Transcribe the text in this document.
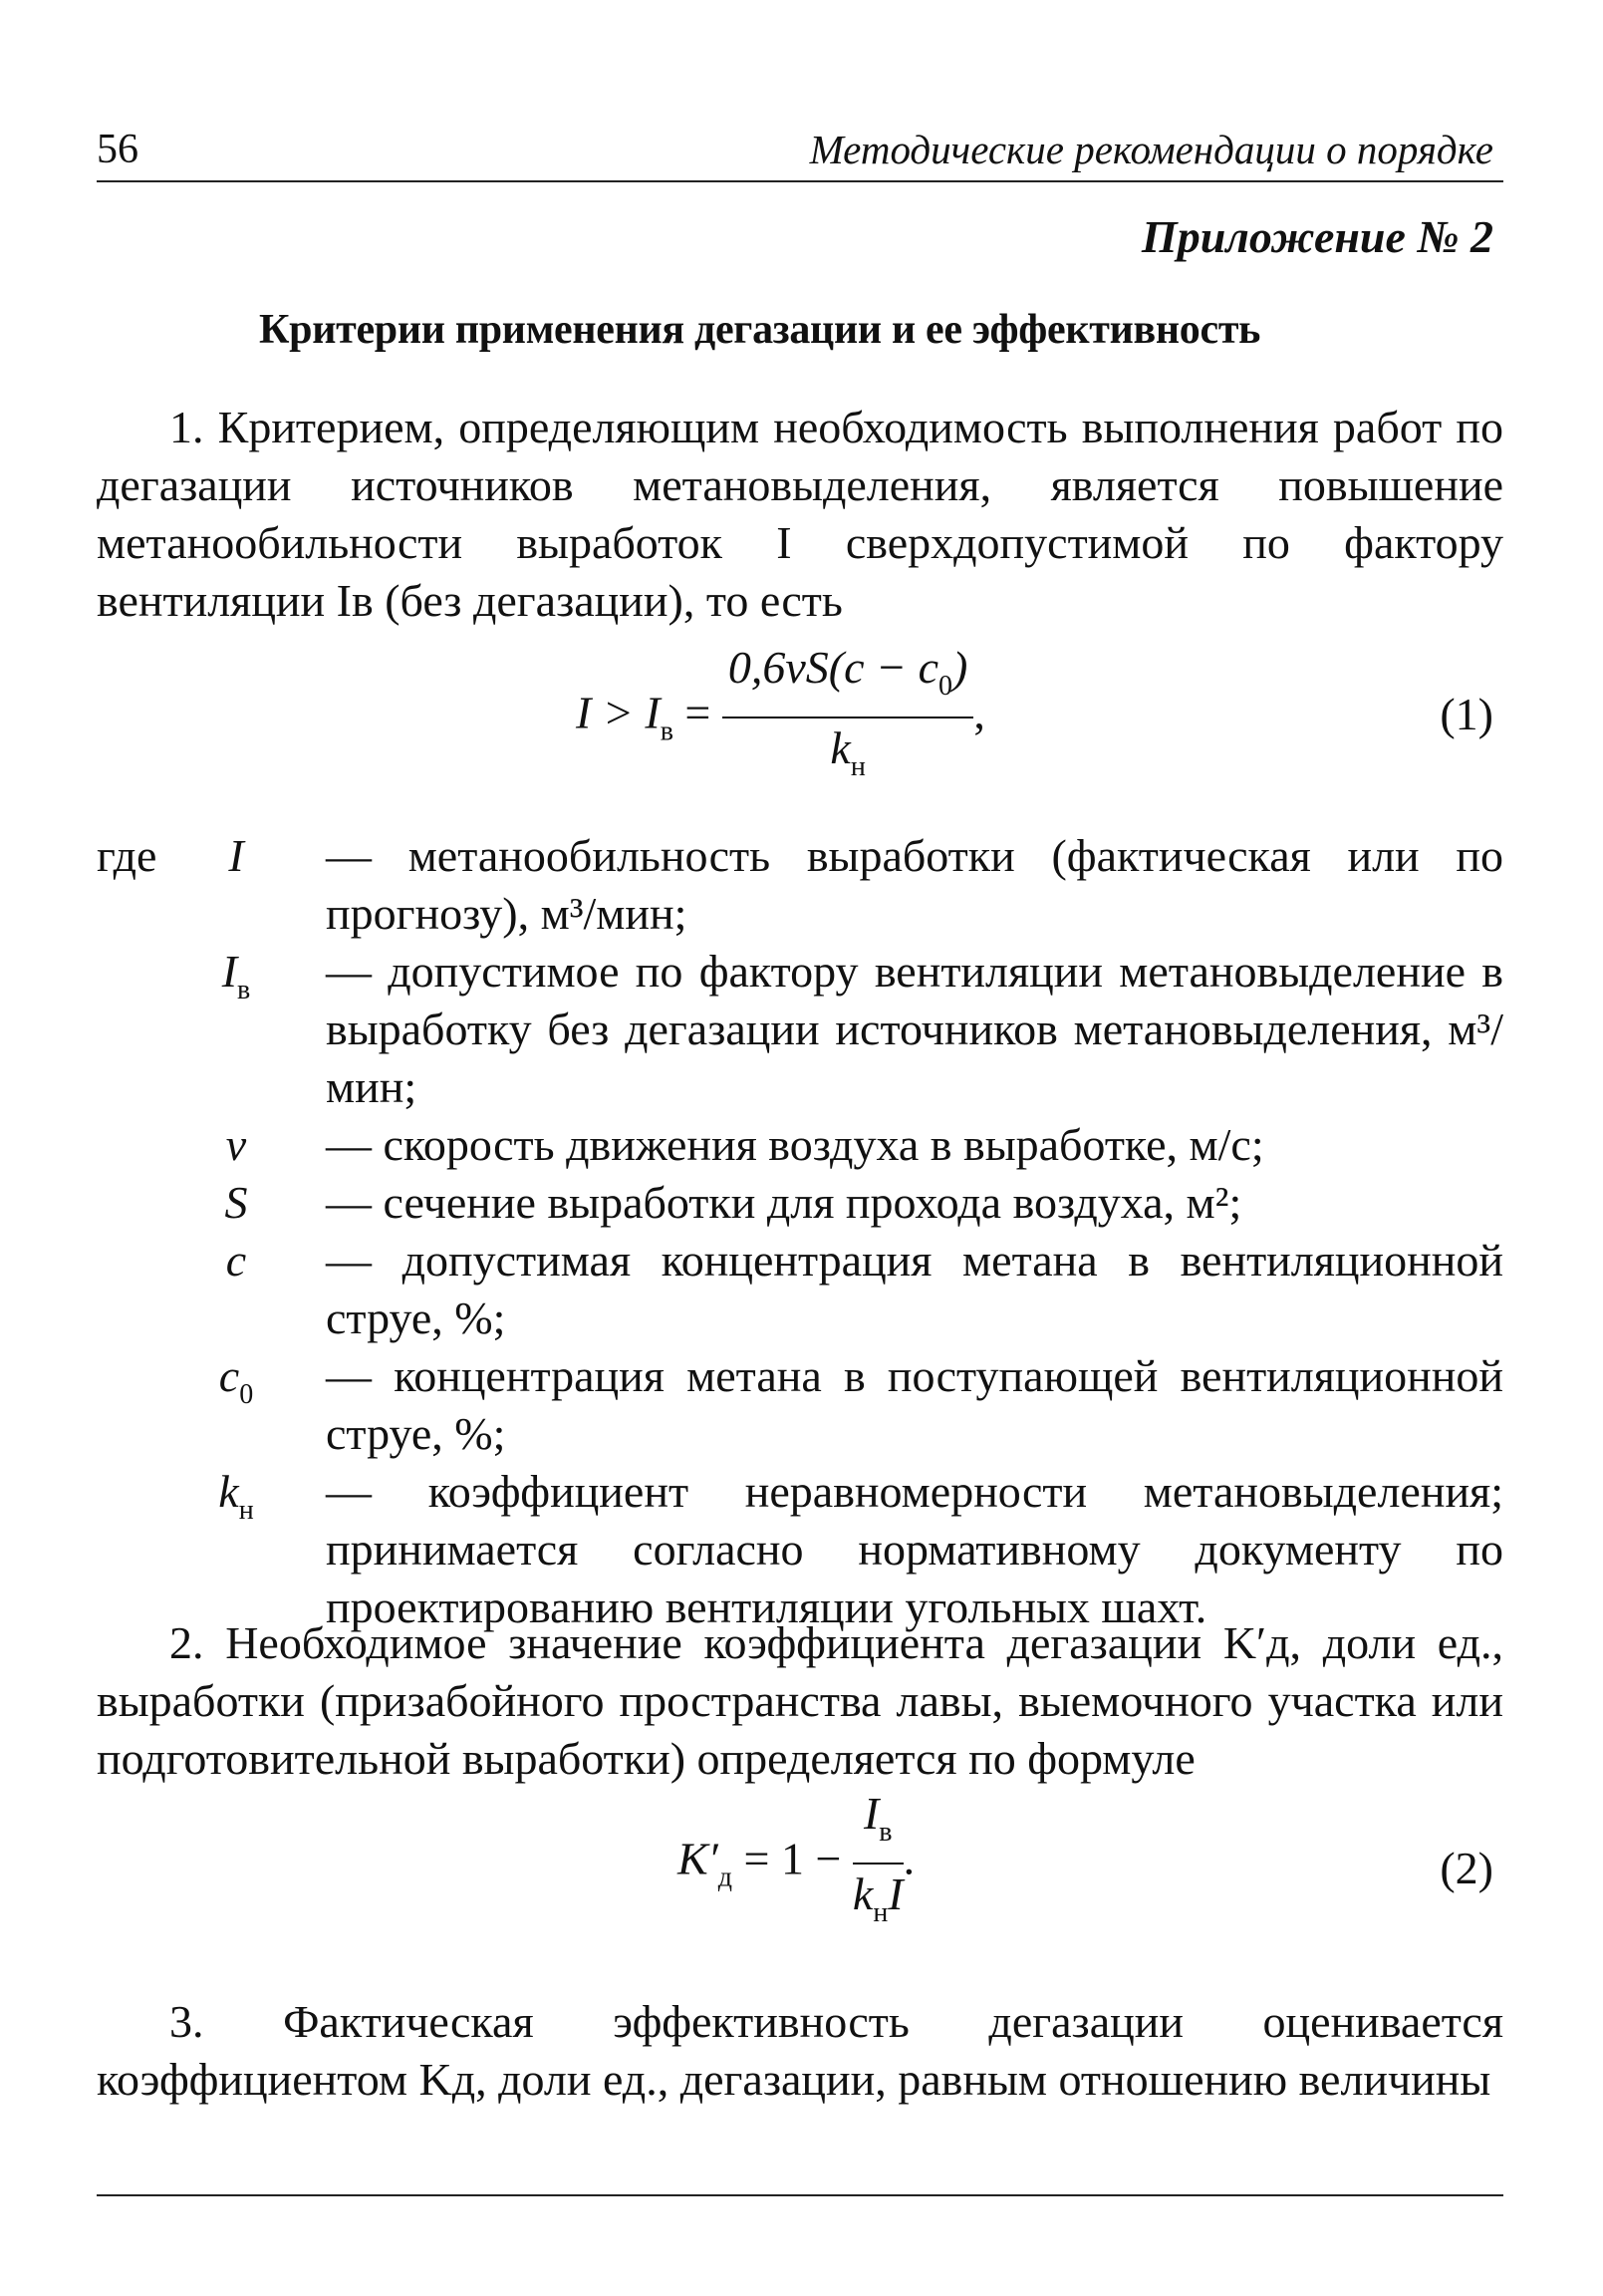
56	Методические рекомендации о порядке
Приложение № 2
Критерии применения дегазации и ее эффективность

1. Критерием, определяющим необходимость выполнения работ по дегазации источников метановыделения, является повышение метанообильности выработок I сверхдопустимой по фактору вентиляции Iв (без дегазации), то есть

$I > I_в = \frac{0,6vS(c - c_0)}{k_н}$ ,	(1)
где	I	— метанообильность выработки (фактическая или по прогнозу), м³/мин;
$I_в$	— допустимое по фактору вентиляции метановыделение в выработку без дегазации источников метановыделения, м³/мин;
v	— скорость движения воздуха в выработке, м/с;
S	— сечение выработки для прохода воздуха, м²;
c	— допустимая концентрация метана в вентиляционной струе, %;
$c_0$	— концентрация метана в поступающей вентиляционной струе, %;
$k_н$	— коэффициент неравномерности метановыделения; принимается согласно нормативному документу по проектированию вентиляции угольных шахт.

2. Необходимое значение коэффициента дегазации K′д, доли ед., выработки (призабойного пространства лавы, выемочного участка или подготовительной выработки) определяется по формуле

$K'_д = 1 - \frac{I_в}{k_нI}$ .	(2)

3. Фактическая эффективность дегазации оценивается коэффициентом Kд, доли ед., дегазации, равным отношению величины
